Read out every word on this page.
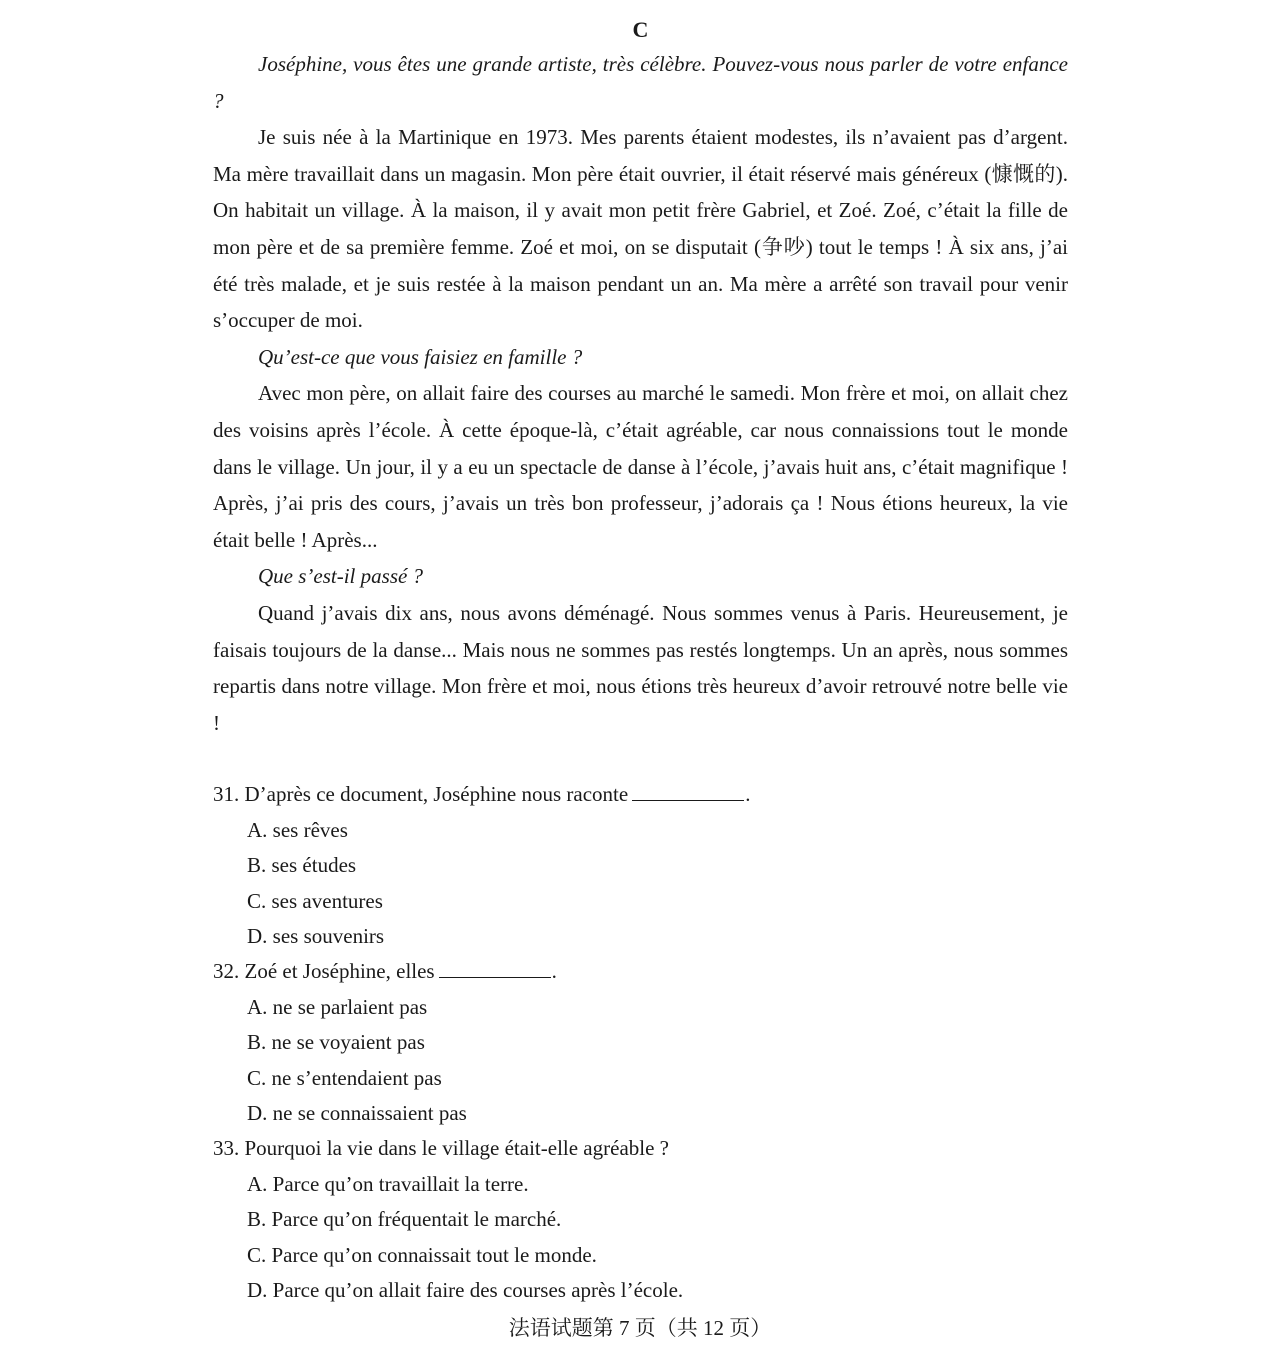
C

Joséphine, vous êtes une grande artiste, très célèbre. Pouvez-vous nous parler de votre enfance ?

Je suis née à la Martinique en 1973. Mes parents étaient modestes, ils n’avaient pas d’argent. Ma mère travaillait dans un magasin. Mon père était ouvrier, il était réservé mais généreux (慷慨的). On habitait un village. À la maison, il y avait mon petit frère Gabriel, et Zoé. Zoé, c’était la fille de mon père et de sa première femme. Zoé et moi, on se disputait (争吵) tout le temps ! À six ans, j’ai été très malade, et je suis restée à la maison pendant un an. Ma mère a arrêté son travail pour venir s’occuper de moi.

Qu’est-ce que vous faisiez en famille ?

Avec mon père, on allait faire des courses au marché le samedi. Mon frère et moi, on allait chez des voisins après l’école. À cette époque-là, c’était agréable, car nous connaissions tout le monde dans le village. Un jour, il y a eu un spectacle de danse à l’école, j’avais huit ans, c’était magnifique ! Après, j’ai pris des cours, j’avais un très bon professeur, j’adorais ça ! Nous étions heureux, la vie était belle ! Après...

Que s’est-il passé ?

Quand j’avais dix ans, nous avons déménagé. Nous sommes venus à Paris. Heureusement, je faisais toujours de la danse... Mais nous ne sommes pas restés longtemps. Un an après, nous sommes repartis dans notre village. Mon frère et moi, nous étions très heureux d’avoir retrouvé notre belle vie !

31. D’après ce document, Joséphine nous raconte	.

A. ses rêves

B. ses études

C. ses aventures

D. ses souvenirs

32. Zoé et Joséphine, elles	.

A. ne se parlaient pas

B. ne se voyaient pas

C. ne s’entendaient pas

D. ne se connaissaient pas

33. Pourquoi la vie dans le village était-elle agréable ?

A. Parce qu’on travaillait la terre.

B. Parce qu’on fréquentait le marché.

C. Parce qu’on connaissait tout le monde.

D. Parce qu’on allait faire des courses après l’école.

法语试题第 7 页（共 12 页）
